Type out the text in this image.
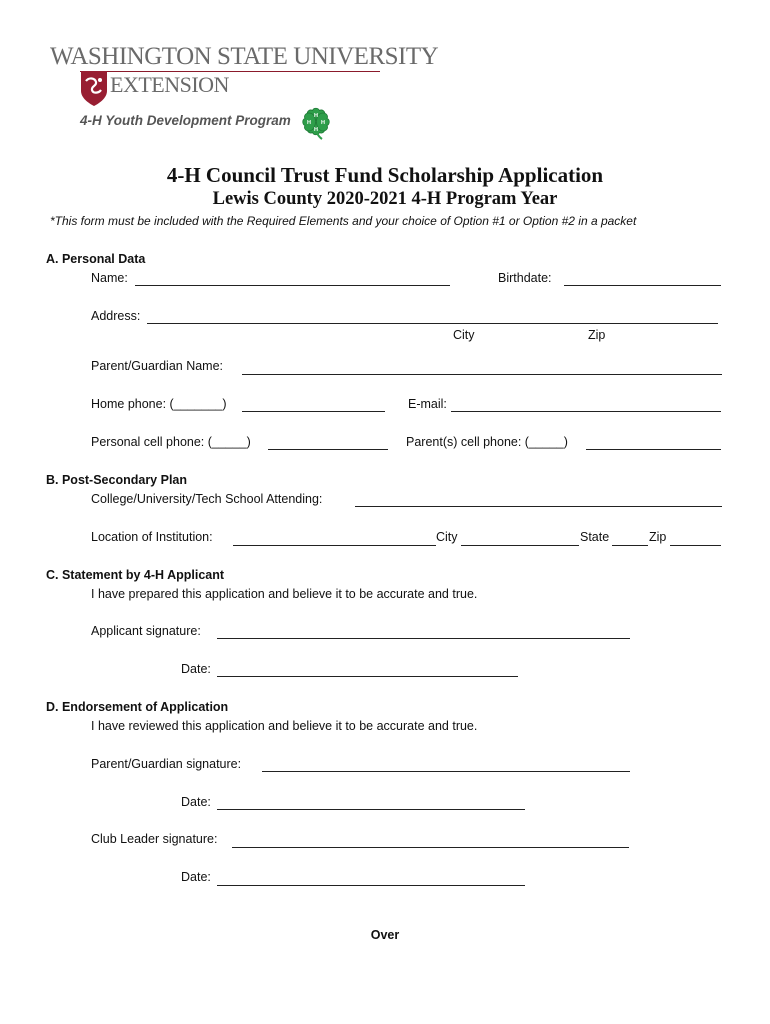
WASHINGTON STATE UNIVERSITY
EXTENSION
4-H Youth Development Program	H
H
H H
4-H Council Trust Fund Scholarship Application
Lewis County 2020-2021 4-H Program Year
*This form must be included with the Required Elements and your choice of Option #1 or Option #2 in a packet
A. Personal Data
Name:	Birthdate:
Address:
City	Zip
Parent/Guardian Name:
Home phone: (_______)	E-mail:
Personal cell phone: (_____)	Parent(s) cell phone: (_____)
B. Post-Secondary Plan
College/University/Tech School Attending:
Location of Institution:	City	State	Zip
C. Statement by 4-H Applicant
I have prepared this application and believe it to be accurate and true.
Applicant signature:
Date:
D. Endorsement of Application
I have reviewed this application and believe it to be accurate and true.
Parent/Guardian signature:
Date:
Club Leader signature:
Date:
Over
